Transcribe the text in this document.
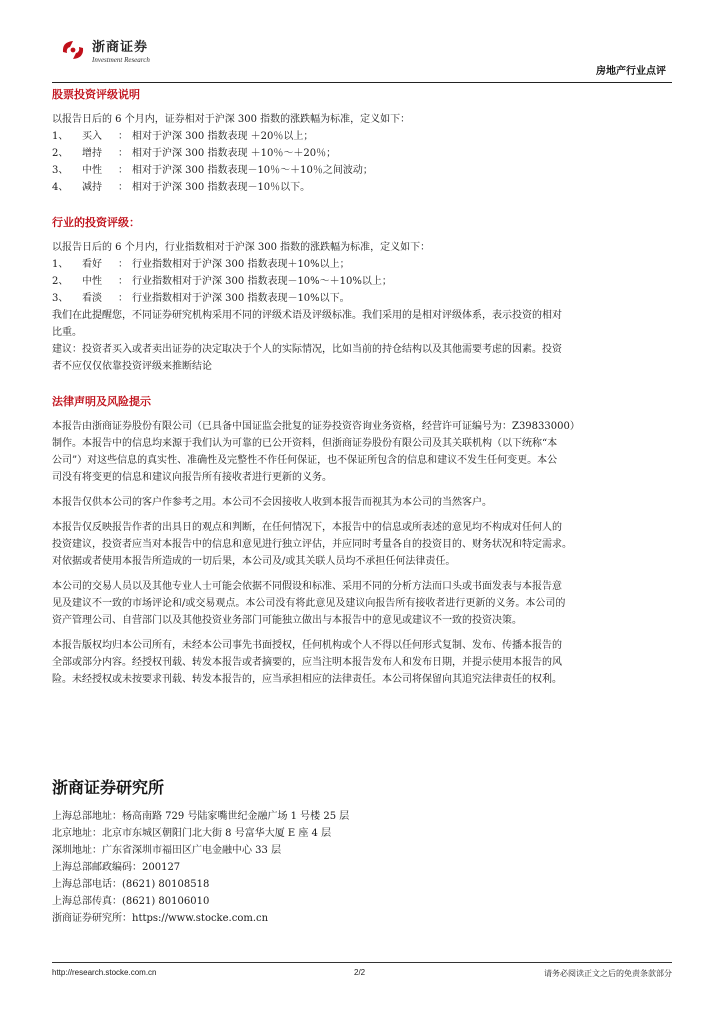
浙商证券
Investment Research
房地产行业点评

股票投资评级说明

以报告日后的 6 个月内，证券相对于沪深 300 指数的涨跌幅为标准，定义如下：

1、	买入	： 相对于沪深 300 指数表现 ＋20％以上；
2、	增持	： 相对于沪深 300 指数表现 ＋10％～＋20％；
3、	中性	： 相对于沪深 300 指数表现－10％～＋10％之间波动；
4、	减持	： 相对于沪深 300 指数表现－10％以下。

行业的投资评级：

以报告日后的 6 个月内，行业指数相对于沪深 300 指数的涨跌幅为标准，定义如下：

1、	看好	： 行业指数相对于沪深 300 指数表现＋10%以上；
2、	中性	： 行业指数相对于沪深 300 指数表现－10%～＋10%以上；
3、	看淡	： 行业指数相对于沪深 300 指数表现－10%以下。

我们在此提醒您，不同证券研究机构采用不同的评级术语及评级标准。我们采用的是相对评级体系，表示投资的相对

比重。

建议：投资者买入或者卖出证券的决定取决于个人的实际情况，比如当前的持仓结构以及其他需要考虑的因素。投资

者不应仅仅依靠投资评级来推断结论

法律声明及风险提示

本报告由浙商证券股份有限公司（已具备中国证监会批复的证券投资咨询业务资格，经营许可证编号为：Z39833000）

制作。本报告中的信息均来源于我们认为可靠的已公开资料，但浙商证券股份有限公司及其关联机构（以下统称“本

公司”）对这些信息的真实性、准确性及完整性不作任何保证，也不保证所包含的信息和建议不发生任何变更。本公

司没有将变更的信息和建议向报告所有接收者进行更新的义务。

本报告仅供本公司的客户作参考之用。本公司不会因接收人收到本报告而视其为本公司的当然客户。

本报告仅反映报告作者的出具日的观点和判断，在任何情况下，本报告中的信息或所表述的意见均不构成对任何人的

投资建议，投资者应当对本报告中的信息和意见进行独立评估，并应同时考量各自的投资目的、财务状况和特定需求。

对依据或者使用本报告所造成的一切后果，本公司及/或其关联人员均不承担任何法律责任。

本公司的交易人员以及其他专业人士可能会依据不同假设和标准、采用不同的分析方法而口头或书面发表与本报告意

见及建议不一致的市场评论和/或交易观点。本公司没有将此意见及建议向报告所有接收者进行更新的义务。本公司的

资产管理公司、自营部门以及其他投资业务部门可能独立做出与本报告中的意见或建议不一致的投资决策。

本报告版权均归本公司所有，未经本公司事先书面授权，任何机构或个人不得以任何形式复制、发布、传播本报告的

全部或部分内容。经授权刊载、转发本报告或者摘要的，应当注明本报告发布人和发布日期，并提示使用本报告的风

险。未经授权或未按要求刊载、转发本报告的，应当承担相应的法律责任。本公司将保留向其追究法律责任的权利。

浙商证券研究所

上海总部地址：杨高南路 729 号陆家嘴世纪金融广场 1 号楼 25 层

北京地址：北京市东城区朝阳门北大街 8 号富华大厦 E 座 4 层

深圳地址：广东省深圳市福田区广电金融中心 33 层

上海总部邮政编码：200127

上海总部电话：(8621) 80108518

上海总部传真：(8621) 80106010

浙商证券研究所：https://www.stocke.com.cn

http://research.stocke.com.cn	2/2	请务必阅读正文之后的免责条款部分
